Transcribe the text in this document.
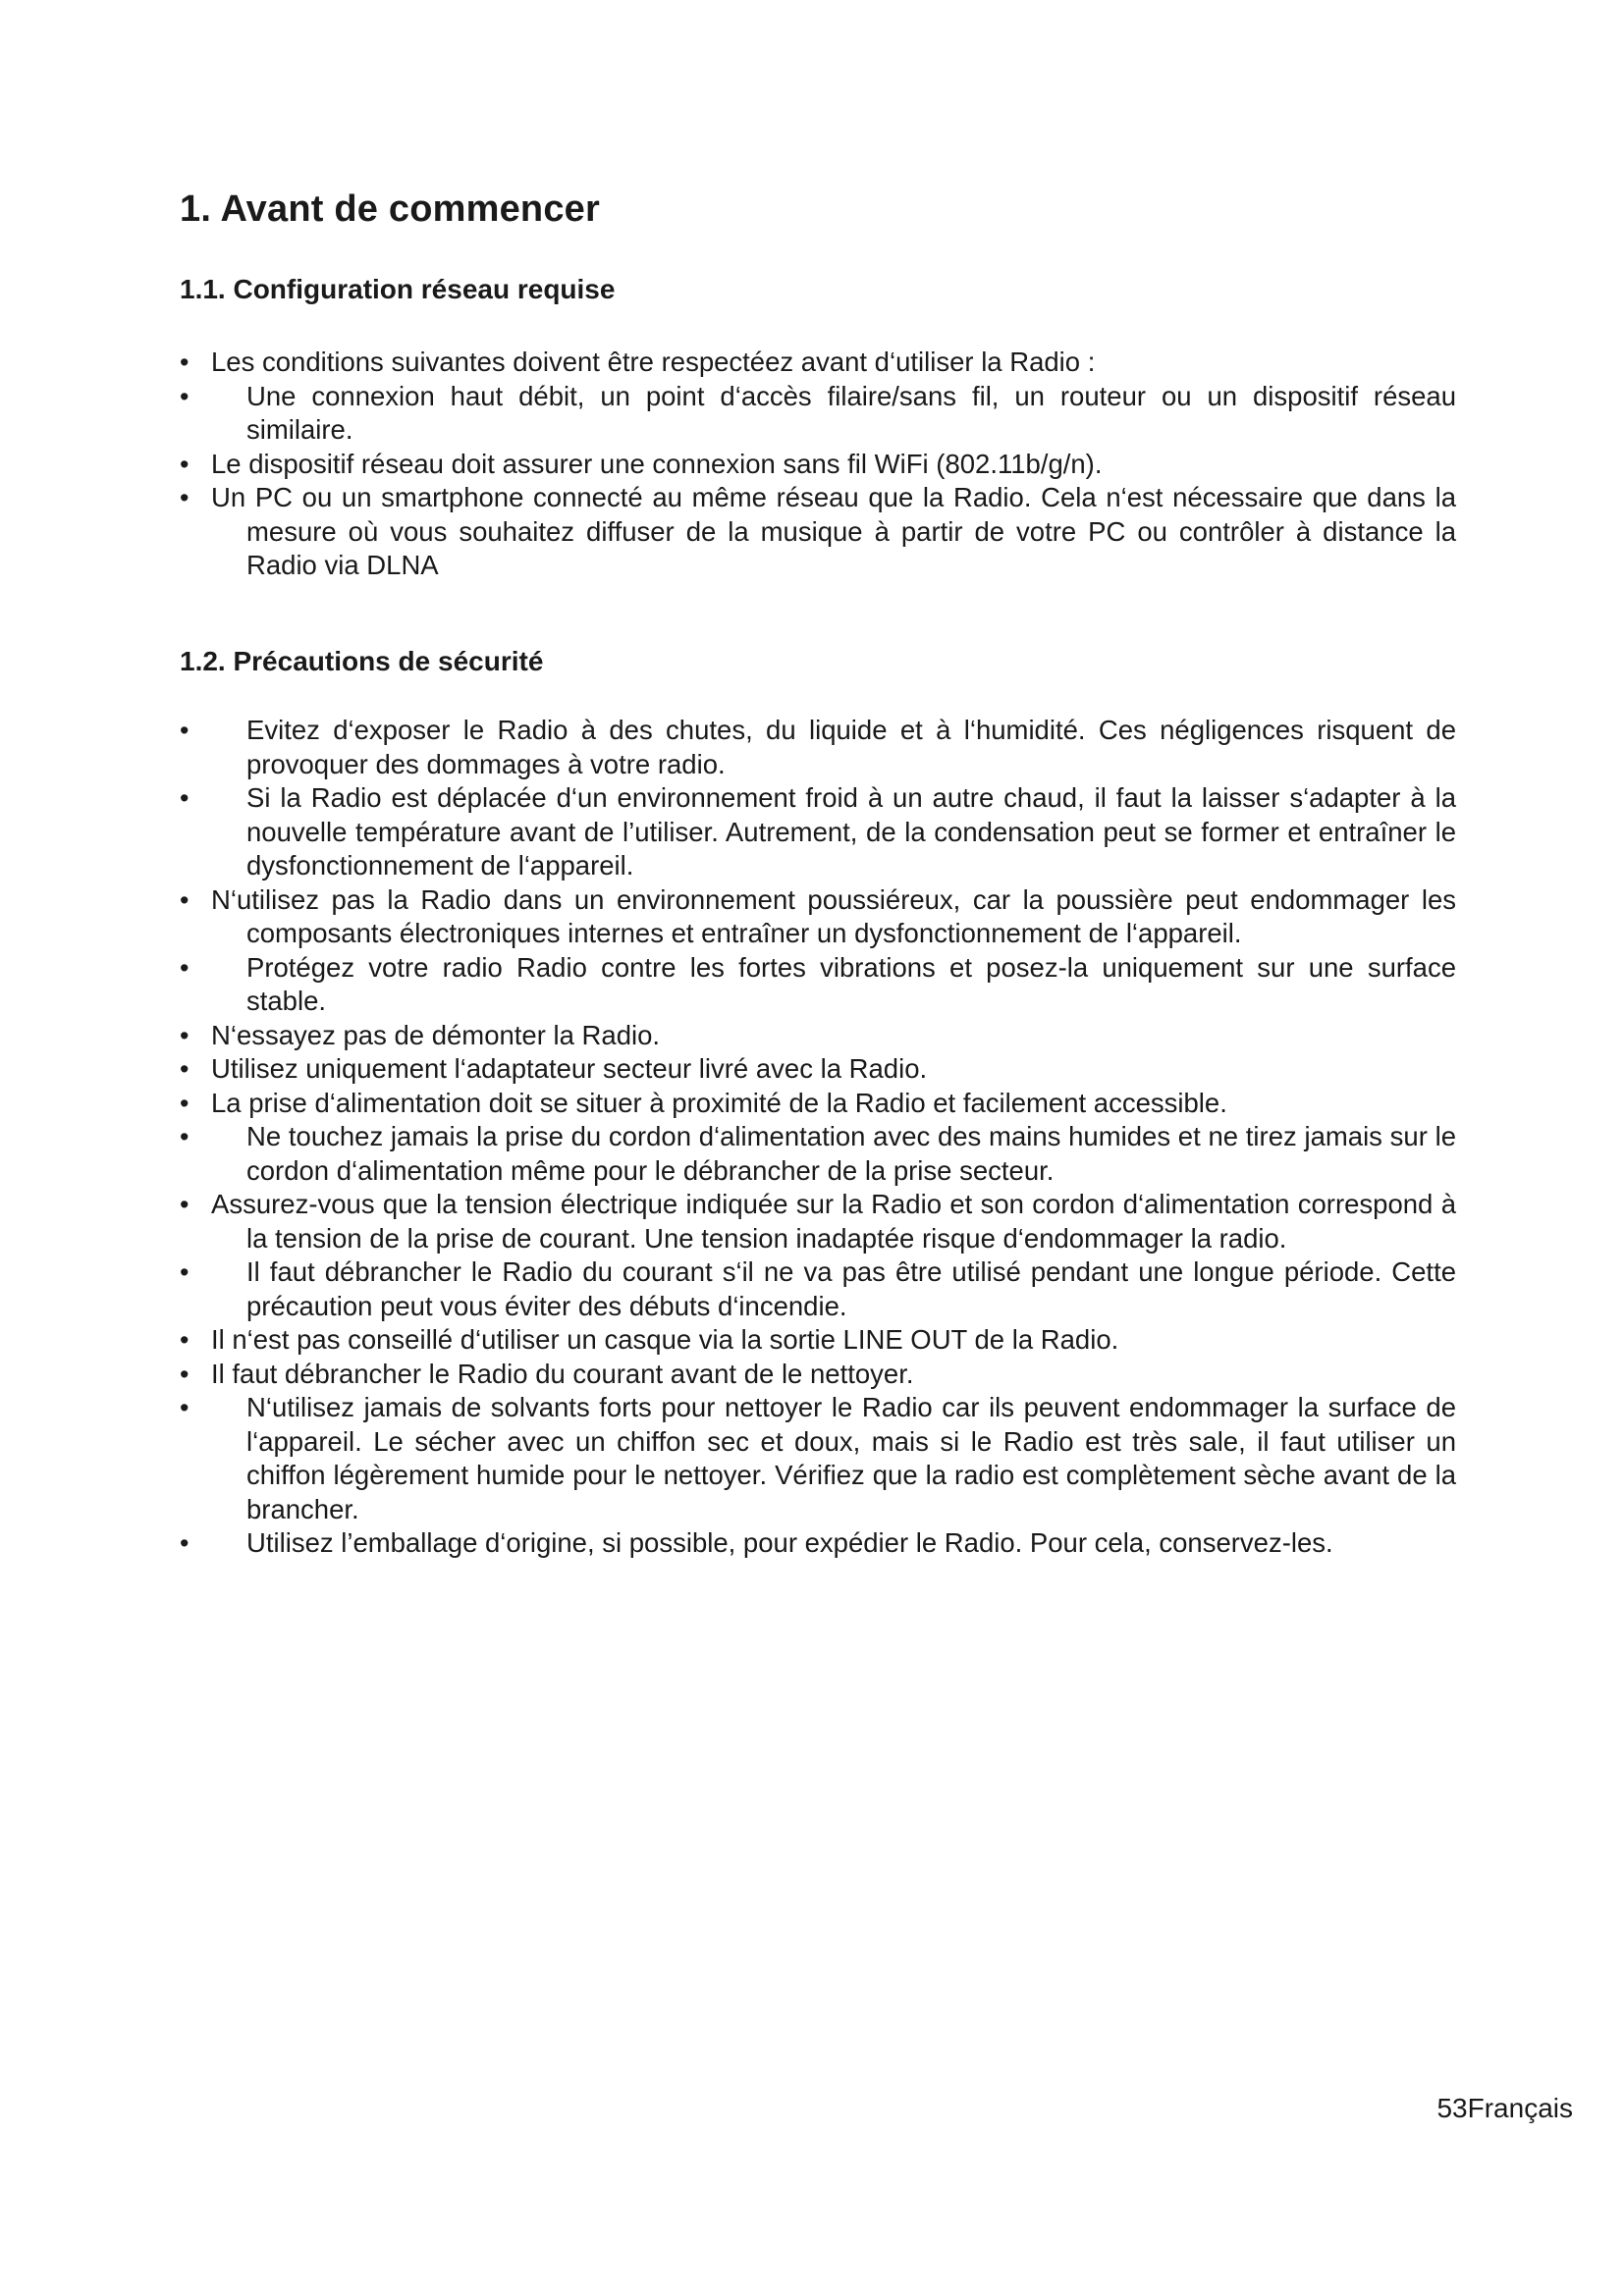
1. Avant de commencer
1.1. Configuration réseau requise
• Les conditions suivantes doivent être respectéez avant d‘utiliser la Radio :
•	Une connexion haut débit, un point d‘accès filaire/sans fil, un routeur ou un dispositif réseau similaire.
• Le dispositif réseau doit assurer une connexion sans fil WiFi (802.11b/g/n).
• Un PC ou un smartphone connecté au même réseau que la Radio. Cela n‘est nécessaire que dans la mesure où vous souhaitez diffuser de la musique à partir de votre PC ou contrôler à distance la Radio via DLNA
1.2. Précautions de sécurité
•	Evitez d‘exposer le Radio à des chutes, du liquide et à l‘humidité. Ces négligences risquent de provoquer des dommages à votre radio.
•	Si la Radio est déplacée d‘un environnement froid à un autre chaud, il faut la laisser s‘adapter à la nouvelle température avant de l’utiliser. Autrement, de la condensation peut se former et entraîner le dysfonctionnement de l‘appareil.
• N‘utilisez pas la Radio dans un environnement poussiéreux, car la poussière peut endommager les composants électroniques internes et entraîner un dysfonctionnement de l‘appareil.
•	Protégez votre radio Radio contre les fortes vibrations et posez-la uniquement sur une surface stable.
• N‘essayez pas de démonter la Radio.
• Utilisez uniquement l‘adaptateur secteur livré avec la Radio.
• La prise d‘alimentation doit se situer à proximité de la Radio et facilement accessible.
•	Ne touchez jamais la prise du cordon d‘alimentation avec des mains humides et ne tirez jamais sur le cordon d‘alimentation même pour le débrancher de la prise secteur.
• Assurez-vous que la tension électrique indiquée sur la Radio et son cordon d‘alimentation correspond à la tension de la prise de courant. Une tension inadaptée risque d‘endommager la radio.
•	Il faut débrancher le Radio du courant s‘il ne va pas être utilisé pendant une longue période. Cette précaution peut vous éviter des débuts d‘incendie.
• Il n‘est pas conseillé d‘utiliser un casque via la sortie LINE OUT de la Radio.
• Il faut débrancher le Radio du courant avant de le nettoyer.
•	N‘utilisez jamais de solvants forts pour nettoyer le Radio car ils peuvent endommager la surface de l‘appareil. Le sécher avec un chiffon sec et doux, mais si le Radio est très sale, il faut utiliser un chiffon légèrement humide pour le nettoyer. Vérifiez que la radio est complètement sèche avant de la brancher.
•	Utilisez l’emballage d‘origine, si possible, pour expédier le Radio. Pour cela, conservez-les.

53Français
